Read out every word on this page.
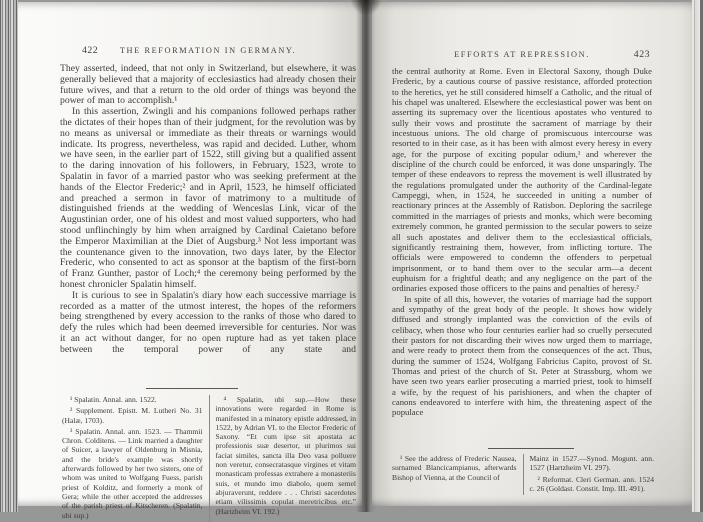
422	THE REFORMATION IN GERMANY.

They asserted, indeed, that not only in Switzerland, but elsewhere, it was generally believed that a majority of ecclesiastics had already chosen their future wives, and that a return to the old order of things was beyond the power of man to accomplish.¹

In this assertion, Zwingli and his companions followed perhaps rather the dictates of their hopes than of their judgment, for the revolution was by no means as universal or immediate as their threats or warnings would indicate. Its progress, nevertheless, was rapid and decided. Luther, whom we have seen, in the earlier part of 1522, still giving but a qualified assent to the daring innovation of his followers, in February, 1523, wrote to Spalatin in favor of a married pastor who was seeking preferment at the hands of the Elector Frederic;² and in April, 1523, he himself officiated and preached a sermon in favor of matrimony to a multitude of distinguished friends at the wedding of Wenceslas Link, vicar of the Augustinian order, one of his oldest and most valued supporters, who had stood unflinchingly by him when arraigned by Cardinal Caietano before the Emperor Maximilian at the Diet of Augsburg.³ Not less important was the countenance given to the innovation, two days later, by the Elector Frederic, who consented to act as sponsor at the baptism of the first-born of Franz Gunther, pastor of Loch;⁴ the ceremony being performed by the honest chronicler Spalatin himself.

It is curious to see in Spalatin's diary how each successive marriage is recorded as a matter of the utmost interest, the hopes of the reformers being strengthened by every accession to the ranks of those who dared to defy the rules which had been deemed irreversible for centuries. Nor was it an act without danger, for no open rupture had as yet taken place between the temporal power of any state and

¹ Spalatin. Annal. ann. 1522.

² Supplement. Epistt. M. Lutheri No. 31 (Halæ, 1703).

³ Spalatin. Annal. ann. 1523. — Thammii Chron. Colditens. — Link married a daughter of Suicer, a lawyer of Oldenburg in Misnia, and the bride's example was shortly afterwards followed by her two sisters, one of whom was united to Wolfgang Fuess, parish priest of Kolditz, and formerly a monk of Gera; while the other accepted the addresses of the parish priest of Kitscheren. (Spalatin, ubi sup.)

⁴ Spalatin, ubi sup.—How these innovations were regarded in Rome is manifested in a minatory epistle addressed, in 1522, by Adrian VI. to the Elector Frederic of Saxony. “Et cum ipse sit apostata ac professionis suæ desertor, ut plurimos sui faciat similes, sancta illa Deo vasa polluere non veretur, consecratasque virgines et vitam monasticam professas extrahere a monasteriis suis, et mundo imo diabolo, quem semel abjuraverunt, reddere . . . Christi sacerdotes etiam vilissimis copulat meretricibus etc.” (Hartzheim VI. 192.)

EFFORTS AT REPRESSION.	423

the central authority at Rome. Even in Electoral Saxony, though Duke Frederic, by a cautious course of passive resistance, afforded protection to the heretics, yet he still considered himself a Catholic, and the ritual of his chapel was unaltered. Elsewhere the ecclesiastical power was bent on asserting its supremacy over the licentious apostates who ventured to sully their vows and prostitute the sacrament of marriage by their incestuous unions. The old charge of promiscuous intercourse was resorted to in their case, as it has been with almost every heresy in every age, for the purpose of exciting popular odium,¹ and wherever the discipline of the church could be enforced, it was done unsparingly. The temper of these endeavors to repress the movement is well illustrated by the regulations promulgated under the authority of the Cardinal-legate Campeggi, when, in 1524, he succeeded in uniting a number of reactionary princes at the Assembly of Ratisbon. Deploring the sacrilege committed in the marriages of priests and monks, which were becoming extremely common, he granted permission to the secular powers to seize all such apostates and deliver them to the ecclesiastical officials, significantly restraining them, however, from inflicting torture. The officials were empowered to condemn the offenders to perpetual imprisonment, or to hand them over to the secular arm—a decent euphuism for a frightful death; and any negligence on the part of the ordinaries exposed those officers to the pains and penalties of heresy.²

In spite of all this, however, the votaries of marriage had the support and sympathy of the great body of the people. It shows how widely diffused and strongly implanted was the conviction of the evils of celibacy, when those who four centuries earlier had so cruelly persecuted their pastors for not discarding their wives now urged them to marriage, and were ready to protect them from the consequences of the act. Thus, during the summer of 1524, Wolfgang Fabricius Capito, provost of St. Thomas and priest of the church of St. Peter at Strassburg, whom we have seen two years earlier prosecuting a married priest, took to himself a wife, by the request of his parishioners, and when the chapter of canons endeavored to interfere with him, the threatening aspect of the populace

¹ See the address of Frederic Nausea, surnamed Blancicampianus, afterwards Bishop of Vienna, at the Council of

Mainz in 1527.—Synod. Mogunt. ann. 1527 (Hartzheim VI. 297).

² Reformat. Cleri German. ann. 1524 c. 26 (Goldast. Constit. Imp. III. 491).
